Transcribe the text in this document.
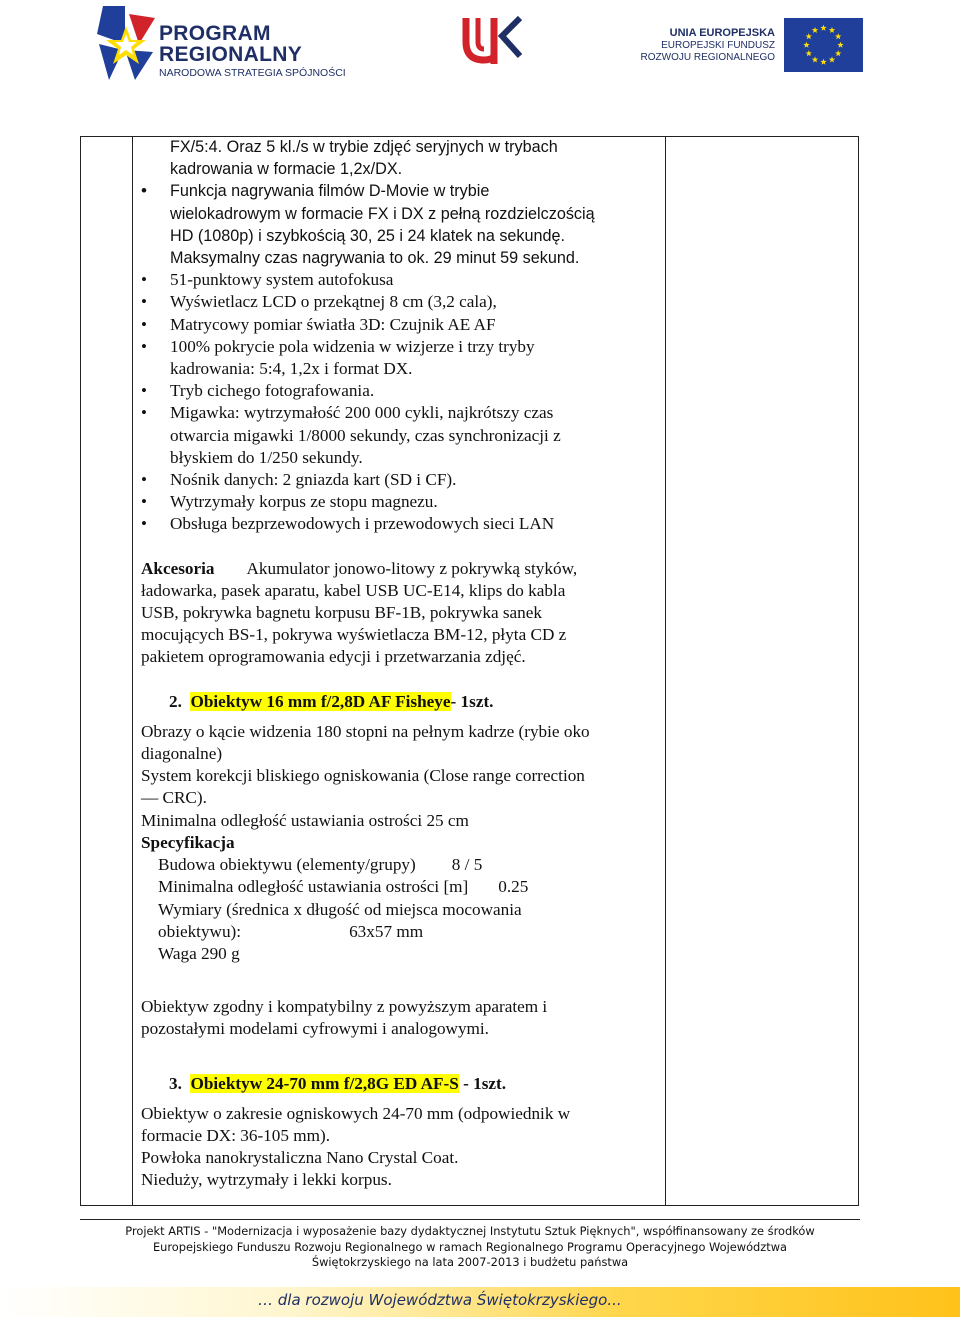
PROGRAM
REGIONALNY
NARODOWA STRATEGIA SPÓJNOŚCI
UNIA EUROPEJSKA
EUROPEJSKI FUNDUSZ
ROZWOJU REGIONALNEGO
FX/5:4. Oraz 5 kl./s w trybie zdjęć seryjnych w trybach
kadrowania w formacie 1,2x/DX.
• Funkcja nagrywania filmów D-Movie w trybie
wielokadrowym w formacie FX i DX z pełną rozdzielczością
HD (1080p) i szybkością 30, 25 i 24 klatek na sekundę.
Maksymalny czas nagrywania to ok. 29 minut 59 sekund.
• 51-punktowy system autofokusa
• Wyświetlacz LCD o przekątnej 8 cm (3,2 cala),
• Matrycowy pomiar światła 3D: Czujnik AE AF
• 100% pokrycie pola widzenia w wizjerze i trzy tryby
kadrowania: 5:4, 1,2x i format DX.
• Tryb cichego fotografowania.
• Migawka: wytrzymałość 200 000 cykli, najkrótszy czas
otwarcia migawki 1/8000 sekundy, czas synchronizacji z
błyskiem do 1/250 sekundy.
• Nośnik danych: 2 gniazda kart (SD i CF).
• Wytrzymały korpus ze stopu magnezu.
• Obsługa bezprzewodowych i przewodowych sieci LAN
Akcesoria Akumulator jonowo-litowy z pokrywką styków,
ładowarka, pasek aparatu, kabel USB UC-E14, klips do kabla
USB, pokrywka bagnetu korpusu BF-1B, pokrywka sanek
mocujących BS-1, pokrywa wyświetlacza BM-12, płyta CD z
pakietem oprogramowania edycji i przetwarzania zdjęć.
2. Obiektyw 16 mm f/2,8D AF Fisheye- 1szt.
Obrazy o kącie widzenia 180 stopni na pełnym kadrze (rybie oko
diagonalne)
System korekcji bliskiego ogniskowania (Close range correction
— CRC).
Minimalna odległość ustawiania ostrości 25 cm
Specyfikacja
Budowa obiektywu (elementy/grupy) 8 / 5
Minimalna odległość ustawiania ostrości [m] 0.25
Wymiary (średnica x długość od miejsca mocowania
obiektywu):	63x57 mm
Waga 290 g
Obiektyw zgodny i kompatybilny z powyższym aparatem i
pozostałymi modelami cyfrowymi i analogowymi.
3. Obiektyw 24-70 mm f/2,8G ED AF-S - 1szt.
Obiektyw o zakresie ogniskowych 24-70 mm (odpowiednik w
formacie DX: 36-105 mm).
Powłoka nanokrystaliczna Nano Crystal Coat.
Nieduży, wytrzymały i lekki korpus.
Projekt ARTIS - "Modernizacja i wyposażenie bazy dydaktycznej Instytutu Sztuk Pięknych", współfinansowany ze środków
Europejskiego Funduszu Rozwoju Regionalnego w ramach Regionalnego Programu Operacyjnego Województwa
Świętokrzyskiego na lata 2007-2013 i budżetu państwa
… dla rozwoju Województwa Świętokrzyskiego...
